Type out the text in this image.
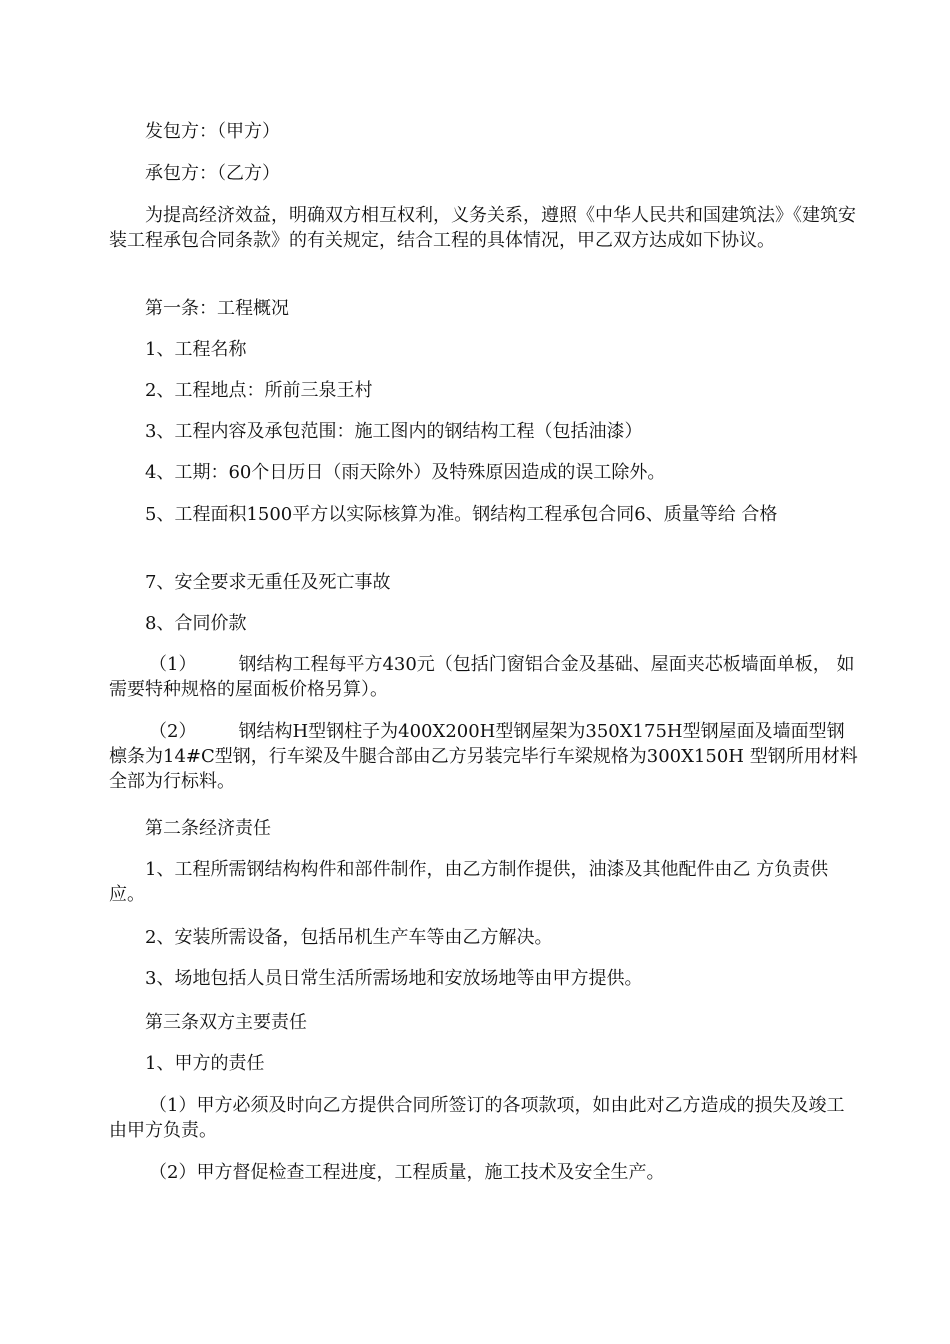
发包方：（甲方）

承包方：（乙方）

为提高经济效益，明确双方相互权利，义务关系，遵照《中华人民共和国建筑法》《建筑安装工程承包合同条款》的有关规定，结合工程的具体情况，甲乙双方达成如下协议。

第一条：工程概况

1、工程名称

2、工程地点：所前三泉王村

3、工程内容及承包范围：施工图内的钢结构工程（包括油漆）

4、工期：60个日历日（雨天除外）及特殊原因造成的误工除外。

5、工程面积1500平方以实际核算为准。钢结构工程承包合同6、质量等给 合格

7、安全要求无重任及死亡事故

8、合同价款

（1） 钢结构工程每平方430元（包括门窗铝合金及基础、屋面夹芯板墙面单板， 如需要特种规格的屋面板价格另算）。

（2） 钢结构H型钢柱子为400X200H型钢屋架为350X175H型钢屋面及墙面型钢檩条为14#C型钢，行车梁及牛腿合部由乙方另装完毕行车梁规格为300X150H 型钢所用材料全部为行标料。

第二条经济责任

1、工程所需钢结构构件和部件制作，由乙方制作提供，油漆及其他配件由乙 方负责供应。

2、安装所需设备，包括吊机生产车等由乙方解决。

3、场地包括人员日常生活所需场地和安放场地等由甲方提供。

第三条双方主要责任

1、甲方的责任

（1）甲方必须及时向乙方提供合同所签订的各项款项，如由此对乙方造成的损失及竣工由甲方负责。

（2）甲方督促检查工程进度，工程质量，施工技术及安全生产。
